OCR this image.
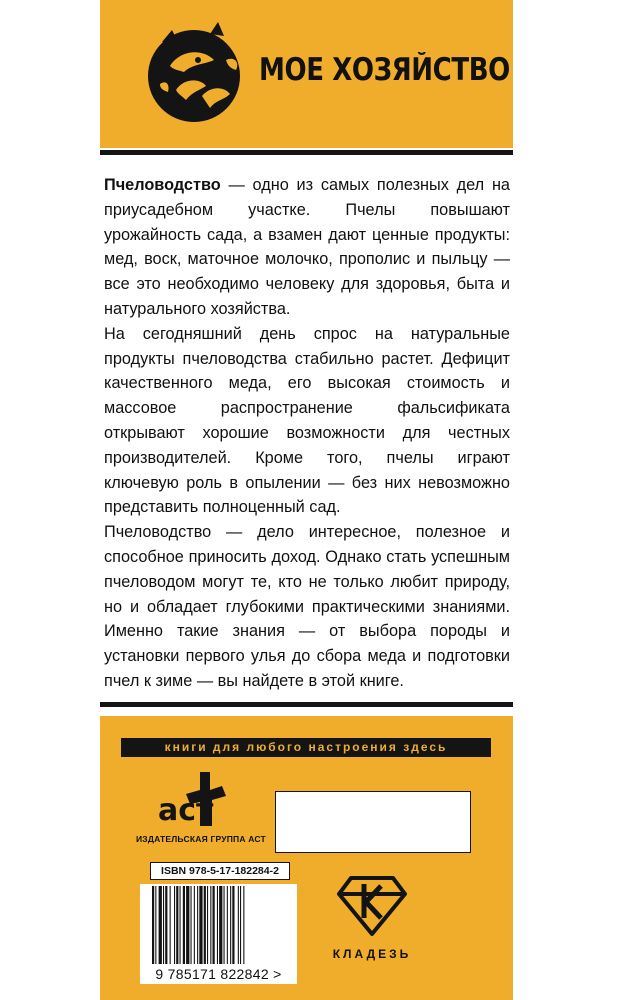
МОЕ ХОЗЯЙСТВО

Пчеловодство — одно из самых полезных дел на приусадебном участке. Пчелы повышают урожайность сада, а взамен дают ценные продукты: мед, воск, маточное молочко, прополис и пыльцу — все это необходимо человеку для здоровья, быта и натурального хозяйства.

На сегодняшний день спрос на натуральные продукты пчеловодства стабильно растет. Дефицит качественного меда, его высокая стоимость и массовое распространение фальсификата открывают хорошие возможности для честных производителей. Кроме того, пчелы играют ключевую роль в опылении — без них невозможно представить полноценный сад.

Пчеловодство — дело интересное, полезное и способное приносить доход. Однако стать успешным пчеловодом могут те, кто не только любит природу, но и обладает глубокими практическими знаниями. Именно такие знания — от выбора породы и установки первого улья до сбора меда и подготовки пчел к зиме — вы найдете в этой книге.

книги для любого настроения здесь
аст
ИЗДАТЕЛЬСКАЯ ГРУППА АСТ
ISBN 978-5-17-182284-2
9 785171 822842 >
КЛАДЕЗЬ
